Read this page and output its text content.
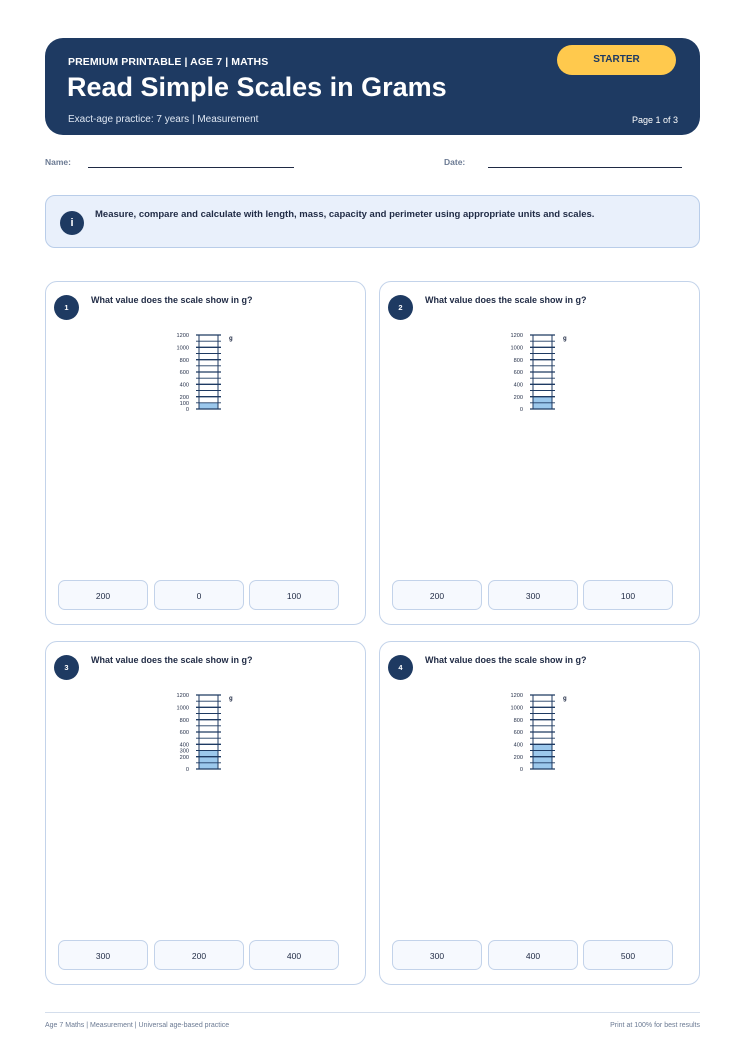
PREMIUM PRINTABLE | AGE 7 | MATHS
Read Simple Scales in Grams
Exact-age practice: 7 years | Measurement
STARTER
Page 1 of 3
Name:	Date:
i
Measure, compare and calculate with length, mass, capacity and perimeter using appropriate units and scales.
1
What value does the scale show in g?
1200
1000
800
600
400
200
100
0
g
200	0	100
2
What value does the scale show in g?
1200
1000
800
600
400
200
0
g
200	300	100
3
What value does the scale show in g?
1200
1000
800
600
400
300
200
0
g
300	200	400
4
What value does the scale show in g?
1200
1000
800
600
400
200
0
g
300	400	500
Age 7 Maths | Measurement | Universal age-based practice	Print at 100% for best results
